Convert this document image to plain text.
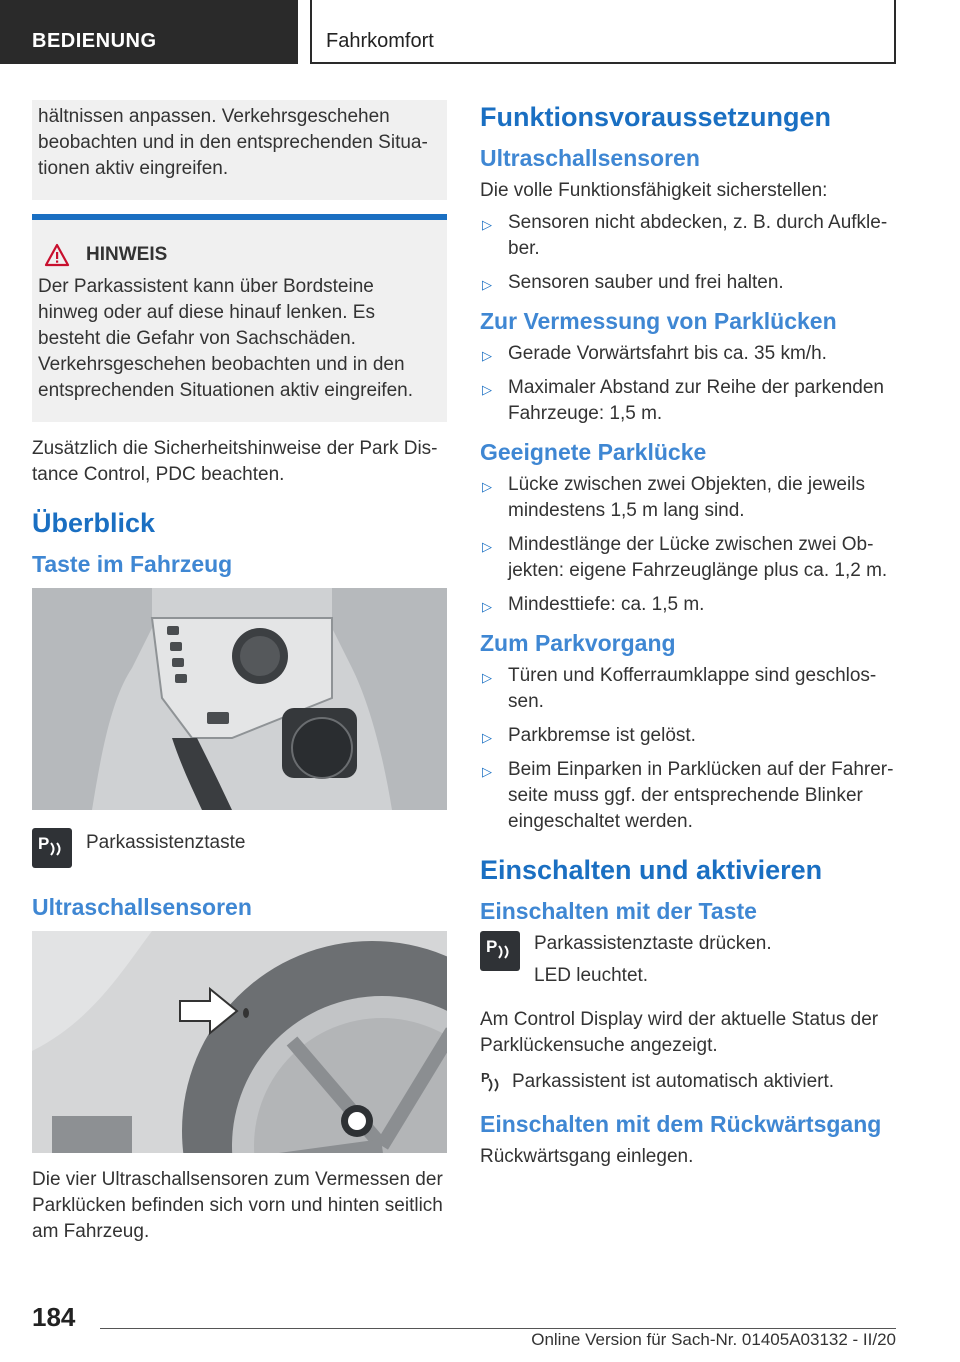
BEDIENUNG	Fahrkomfort
hältnissen anpassen. Verkehrsgeschehen beobachten und in den entsprechenden Situationen aktiv eingreifen.
HINWEIS
Der Parkassistent kann über Bordsteine hinweg oder auf diese hinauf lenken. Es besteht die Gefahr von Sachschäden. Verkehrsgeschehen beobachten und in den entsprechenden Situationen aktiv eingreifen.

Zusätzlich die Sicherheitshinweise der Park Distance Control, PDC beachten.

Überblick
Taste im Fahrzeug
P Parkassistenztaste
Ultraschallsensoren

Die vier Ultraschallsensoren zum Vermessen der Parklücken befinden sich vorn und hinten seitlich am Fahrzeug.

Funktionsvoraussetzungen
Ultraschallsensoren

Die volle Funktionsfähigkeit sicherstellen:

▷ Sensoren nicht abdecken, z. B. durch Aufkleber.
▷ Sensoren sauber und frei halten.
Zur Vermessung von Parklücken
▷ Gerade Vorwärtsfahrt bis ca. 35 km/h.
▷ Maximaler Abstand zur Reihe der parkenden Fahrzeuge: 1,5 m.
Geeignete Parklücke
▷ Lücke zwischen zwei Objekten, die jeweils mindestens 1,5 m lang sind.
▷ Mindestlänge der Lücke zwischen zwei Objekten: eigene Fahrzeuglänge plus ca. 1,2 m.
▷ Mindesttiefe: ca. 1,5 m.
Zum Parkvorgang
▷ Türen und Kofferraumklappe sind geschlossen.
▷ Parkbremse ist gelöst.
▷ Beim Einparken in Parklücken auf der Fahrerseite muss ggf. der entsprechende Blinker eingeschaltet werden.
Einschalten und aktivieren
Einschalten mit der Taste
P Parkassistenztaste drücken.

LED leuchtet.

Am Control Display wird der aktuelle Status der Parklückensuche angezeigt.

P Parkassistent ist automatisch aktiviert.
Einschalten mit dem Rückwärtsgang

Rückwärtsgang einlegen.

184
Online Version für Sach-Nr. 01405A03132 - II/20
